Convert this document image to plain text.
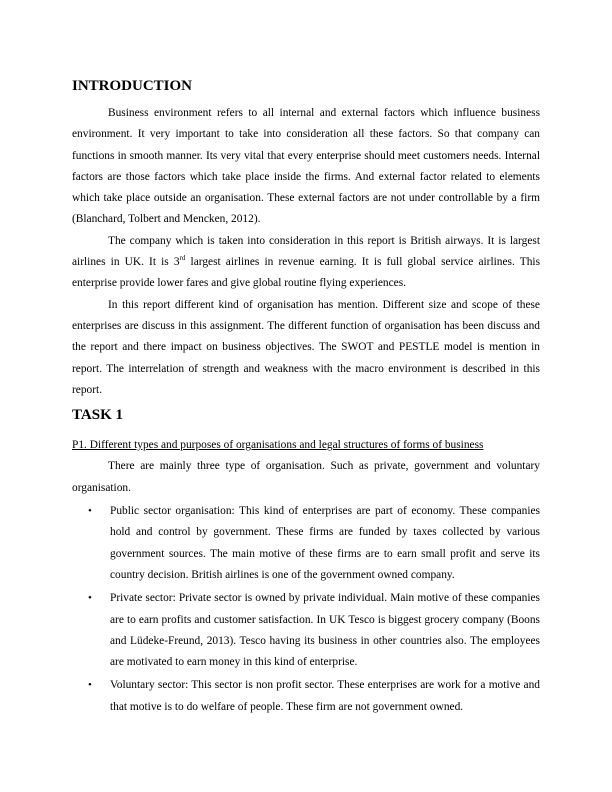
INTRODUCTION

Business environment refers to all internal and external factors which influence business environment. It very important to take into consideration all these factors. So that company can functions in smooth manner. Its very vital that every enterprise should meet customers needs. Internal factors are those factors which take place inside the firms. And external factor related to elements which take place outside an organisation. These external factors are not under controllable by a firm (Blanchard, Tolbert and Mencken, 2012).

The company which is taken into consideration in this report is British airways. It is largest airlines in UK. It is 3rd largest airlines in revenue earning. It is full global service airlines. This enterprise provide lower fares and give global routine flying experiences.

In this report different kind of organisation has mention. Different size and scope of these enterprises are discuss in this assignment. The different function of organisation has been discuss and the report and there impact on business objectives. The SWOT and PESTLE model is mention in report. The interrelation of strength and weakness with the macro environment is described in this report.

TASK 1

P1. Different types and purposes of organisations and legal structures of forms of business

There are mainly three type of organisation. Such as private, government and voluntary organisation.

• Public sector organisation: This kind of enterprises are part of economy. These companies hold and control by government. These firms are funded by taxes collected by various government sources. The main motive of these firms are to earn small profit and serve its country decision. British airlines is one of the government owned company.
• Private sector: Private sector is owned by private individual. Main motive of these companies are to earn profits and customer satisfaction. In UK Tesco is biggest grocery company (Boons and Lüdeke-Freund, 2013). Tesco having its business in other countries also. The employees are motivated to earn money in this kind of enterprise.
• Voluntary sector: This sector is non profit sector. These enterprises are work for a motive and that motive is to do welfare of people. These firm are not government owned.
